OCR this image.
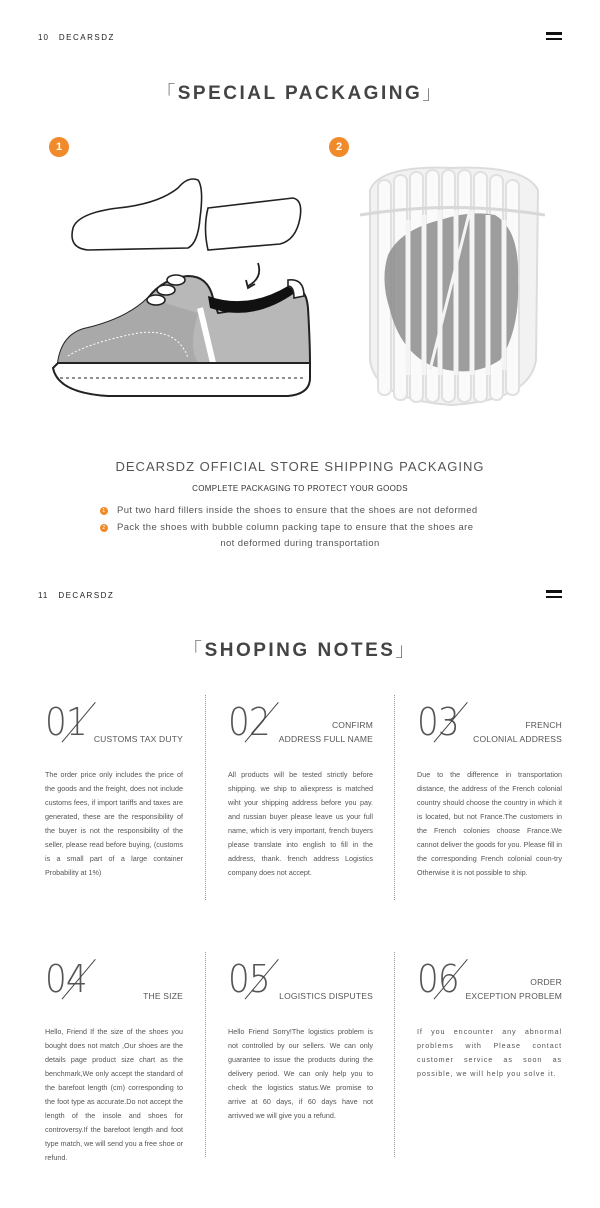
10 DECARSDZ
「SPECIAL PACKAGING」
1	2
DECARSDZ OFFICIAL STORE SHIPPING PACKAGING
COMPLETE PACKAGING TO PROTECT YOUR GOODS
1 Put two hard fillers inside the shoes to ensure that the shoes are not deformed
2 Pack the shoes with bubble column packing tape to ensure that the shoes are
not deformed during transportation
11 DECARSDZ
「SHOPING NOTES」
01 CUSTOMS TAX DUTY
The order price only includes the price of the goods and the freight, does not include customs fees, if import tariffs and taxes are generated, these are the responsibility of the buyer is not the responsibility of the seller, please read before buying, (customs is a small part of a large container Probability at 1%)
02	CONFIRM
ADDRESS FULL NAME
All products will be tested strictly before shipping. we ship to aliexpress is matched wiht your shipping address before you pay. and russian buyer please leave us your full name, which is very important, french buyers please translate into english to fill in the address, thank. french address Logistics company does not accept.
03	FRENCH
COLONIAL ADDRESS
Due to the difference in transportation distance, the address of the French colonial country should choose the country in which it is located, but not France.The customers in the French colonies choose France.We cannot deliver the goods for you. Please fill in the corresponding French colonial coun-try Otherwise it is not possible to ship.
04	THE SIZE
Hello, Friend If the size of the shoes you bought does not match ,Our shoes are the details page product size chart as the benchmark,We only accept the standard of the barefoot length (cm) corresponding to the foot type as accurate.Do not accept the length of the insole and shoes for controversy.If the barefoot length and foot type match, we will send you a free shoe or refund.
05 LOGISTICS DISPUTES
Hello Friend Sorry!The logistics problem is not controlled by our sellers. We can only guarantee to issue the products during the delivery period. We can only help you to check the logistics status.We promise to arrive at 60 days, if 60 days have not arrivved we will give you a refund.
06	ORDER
EXCEPTION PROBLEM
If you encounter any abnormal problems with Please contact customer service as soon as possible, we will help you solve it.
